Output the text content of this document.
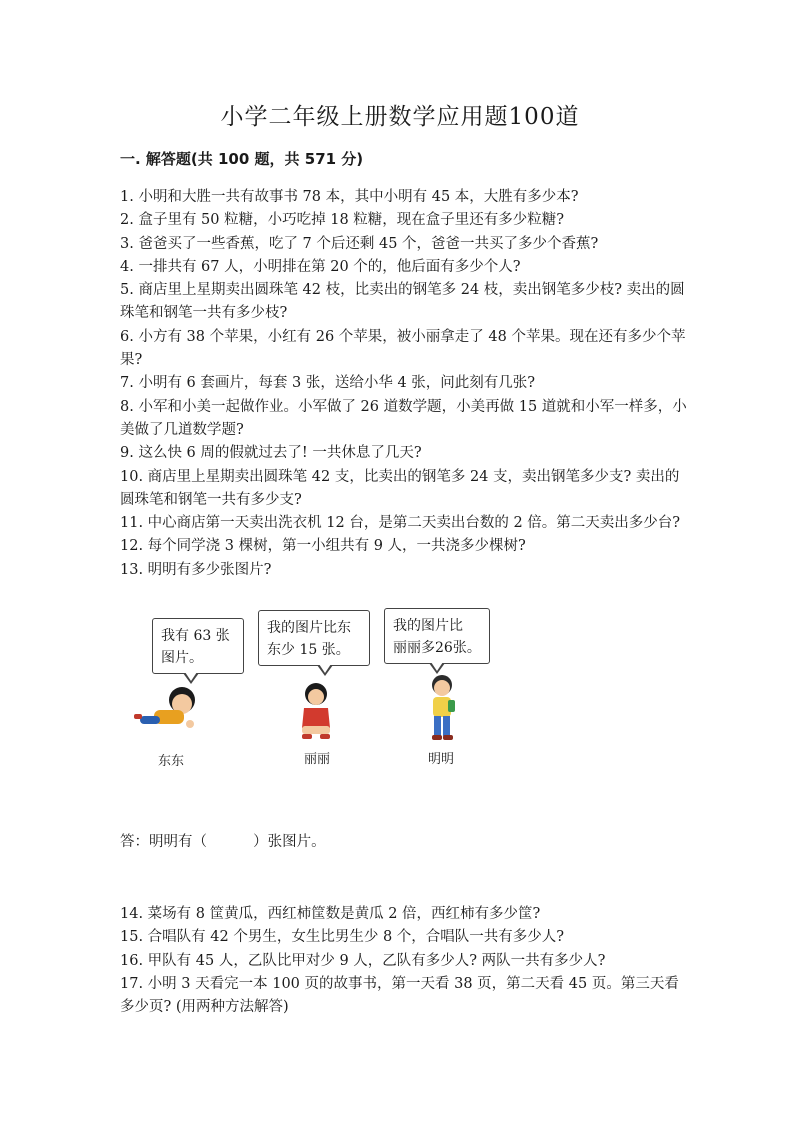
小学二年级上册数学应用题100道
一. 解答题(共 100 题，共 571 分)

1. 小明和大胜一共有故事书 78 本，其中小明有 45 本，大胜有多少本?

2. 盒子里有 50 粒糖，小巧吃掉 18 粒糖，现在盒子里还有多少粒糖?

3. 爸爸买了一些香蕉，吃了 7 个后还剩 45 个，爸爸一共买了多少个香蕉?

4. 一排共有 67 人，小明排在第 20 个的，他后面有多少个人?

5. 商店里上星期卖出圆珠笔 42 枝，比卖出的钢笔多 24 枝，卖出钢笔多少枝? 卖出的圆珠笔和钢笔一共有多少枝?

6. 小方有 38 个苹果，小红有 26 个苹果，被小丽拿走了 48 个苹果。现在还有多少个苹果?

7. 小明有 6 套画片，每套 3 张，送给小华 4 张，问此刻有几张?

8. 小军和小美一起做作业。小军做了 26 道数学题，小美再做 15 道就和小军一样多，小美做了几道数学题?

9. 这么快 6 周的假就过去了! 一共休息了几天?

10. 商店里上星期卖出圆珠笔 42 支，比卖出的钢笔多 24 支，卖出钢笔多少支? 卖出的圆珠笔和钢笔一共有多少支?

11. 中心商店第一天卖出洗衣机 12 台，是第二天卖出台数的 2 倍。第二天卖出多少台?

12. 每个同学浇 3 棵树，第一小组共有 9 人，一共浇多少棵树?

13. 明明有多少张图片?

我有 63 张
图片。
我的图片比东
东少 15 张。
我的图片比
丽丽多26张。
东东	丽丽	明明
答：明明有（          ）张图片。

14. 菜场有 8 筐黄瓜，西红柿筐数是黄瓜 2 倍，西红柿有多少筐?

15. 合唱队有 42 个男生，女生比男生少 8 个，合唱队一共有多少人?

16. 甲队有 45 人，乙队比甲对少 9 人，乙队有多少人? 两队一共有多少人?

17. 小明 3 天看完一本 100 页的故事书，第一天看 38 页，第二天看 45 页。第三天看多少页? (用两种方法解答)
